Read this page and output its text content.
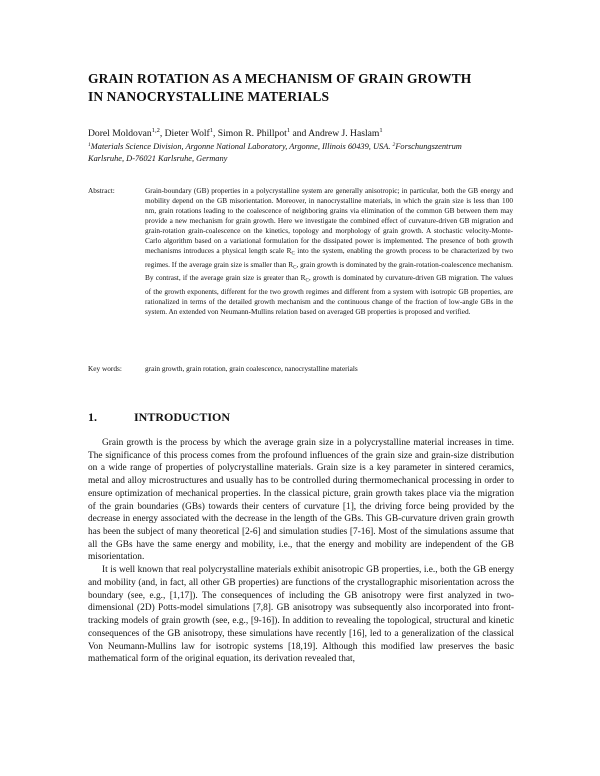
GRAIN ROTATION AS A MECHANISM OF GRAIN GROWTH
IN NANOCRYSTALLINE MATERIALS
Dorel Moldovan$^{1,2}$, Dieter Wolf$^1$, Simon R. Phillpot$^1$ and Andrew J. Haslam$^1$
$^1$Materials Science Division, Argonne National Laboratory, Argonne, Illinois 60439, USA. $^2$Forschungszentrum
Karlsruhe, D-76021 Karlsruhe, Germany
Abstract:	Grain-boundary (GB) properties in a polycrystalline system are generally anisotropic; in particular, both the GB energy and mobility depend on the GB misorientation. Moreover, in nanocrystalline materials, in which the grain size is less than 100 nm, grain rotations leading to the coalescence of neighboring grains via elimination of the common GB between them may provide a new mechanism for grain growth. Here we investigate the combined effect of curvature-driven GB migration and grain-rotation grain-coalescence on the kinetics, topology and morphology of grain growth. A stochastic velocity-Monte-Carlo algorithm based on a variational formulation for the dissipated power is implemented. The presence of both growth mechanisms introduces a physical length scale $R_C$ into the system, enabling the growth process to be characterized by two regimes. If the average grain size is smaller than $R_C$, grain growth is dominated by the grain-rotation-coalescence mechanism. By contrast, if the average grain size is greater than $R_C$, growth is dominated by curvature-driven GB migration. The values of the growth exponents, different for the two growth regimes and different from a system with isotropic GB properties, are rationalized in terms of the detailed growth mechanism and the continuous change of the fraction of low-angle GBs in the system. An extended von Neumann-Mullins relation based on averaged GB properties is proposed and verified.

Key words:	grain growth, grain rotation, grain coalescence, nanocrystalline materials
1.	INTRODUCTION

Grain growth is the process by which the average grain size in a polycrystalline material increases in time. The significance of this process comes from the profound influences of the grain size and grain-size distribution on a wide range of properties of polycrystalline materials. Grain size is a key parameter in sintered ceramics, metal and alloy microstructures and usually has to be controlled during thermomechanical processing in order to ensure optimization of mechanical properties. In the classical picture, grain growth takes place via the migration of the grain boundaries (GBs) towards their centers of curvature [1], the driving force being provided by the decrease in energy associated with the decrease in the length of the GBs. This GB-curvature driven grain growth has been the subject of many theoretical [2-6] and simulation studies [7-16]. Most of the simulations assume that all the GBs have the same energy and mobility, i.e., that the energy and mobility are independent of the GB misorientation.

It is well known that real polycrystalline materials exhibit anisotropic GB properties, i.e., both the GB energy and mobility (and, in fact, all other GB properties) are functions of the crystallographic misorientation across the boundary (see, e.g., [1,17]). The consequences of including the GB anisotropy were first analyzed in two-dimensional (2D) Potts-model simulations [7,8]. GB anisotropy was subsequently also incorporated into front-tracking models of grain growth (see, e.g., [9-16]). In addition to revealing the topological, structural and kinetic consequences of the GB anisotropy, these simulations have recently [16], led to a generalization of the classical Von Neumann-Mullins law for isotropic systems [18,19]. Although this modified law preserves the basic mathematical form of the original equation, its derivation revealed that,
